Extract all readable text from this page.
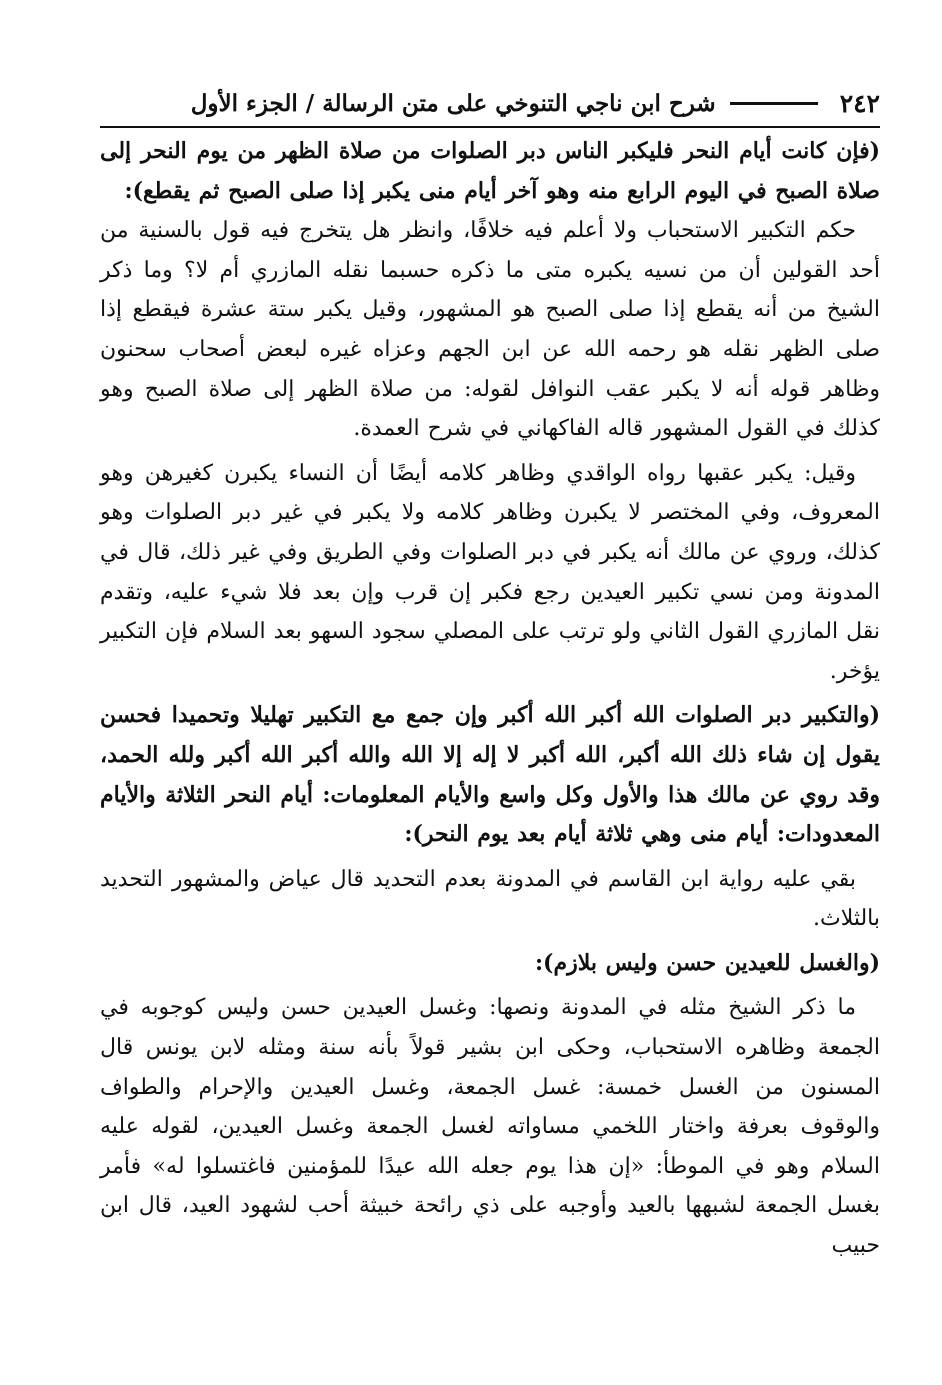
٢٤٢
شرح ابن ناجي التنوخي على متن الرسالة / الجزء الأول

(فإن كانت أيام النحر فليكبر الناس دبر الصلوات من صلاة الظهر من يوم النحر إلى صلاة الصبح في اليوم الرابع منه وهو آخر أيام منى يكبر إذا صلى الصبح ثم يقطع):

حكم التكبير الاستحباب ولا أعلم فيه خلافًا، وانظر هل يتخرج فيه قول بالسنية من أحد القولين أن من نسيه يكبره متى ما ذكره حسبما نقله المازري أم لا؟ وما ذكر الشيخ من أنه يقطع إذا صلى الصبح هو المشهور، وقيل يكبر ستة عشرة فيقطع إذا صلى الظهر نقله هو رحمه الله عن ابن الجهم وعزاه غيره لبعض أصحاب سحنون وظاهر قوله أنه لا يكبر عقب النوافل لقوله: من صلاة الظهر إلى صلاة الصبح وهو كذلك في القول المشهور قاله الفاكهاني في شرح العمدة.

وقيل: يكبر عقبها رواه الواقدي وظاهر كلامه أيضًا أن النساء يكبرن كغيرهن وهو المعروف، وفي المختصر لا يكبرن وظاهر كلامه ولا يكبر في غير دبر الصلوات وهو كذلك، وروي عن مالك أنه يكبر في دبر الصلوات وفي الطريق وفي غير ذلك، قال في المدونة ومن نسي تكبير العيدين رجع فكبر إن قرب وإن بعد فلا شيء عليه، وتقدم نقل المازري القول الثاني ولو ترتب على المصلي سجود السهو بعد السلام فإن التكبير يؤخر.

(والتكبير دبر الصلوات الله أكبر الله أكبر وإن جمع مع التكبير تهليلا وتحميدا فحسن يقول إن شاء ذلك الله أكبر، الله أكبر لا إله إلا الله والله أكبر الله أكبر ولله الحمد، وقد روي عن مالك هذا والأول وكل واسع والأيام المعلومات: أيام النحر الثلاثة والأيام المعدودات: أيام منى وهي ثلاثة أيام بعد يوم النحر):

بقي عليه رواية ابن القاسم في المدونة بعدم التحديد قال عياض والمشهور التحديد بالثلاث.

(والغسل للعيدين حسن وليس بلازم):

ما ذكر الشيخ مثله في المدونة ونصها: وغسل العيدين حسن وليس كوجوبه في الجمعة وظاهره الاستحباب، وحكى ابن بشير قولاً بأنه سنة ومثله لابن يونس قال المسنون من الغسل خمسة: غسل الجمعة، وغسل العيدين والإحرام والطواف والوقوف بعرفة واختار اللخمي مساواته لغسل الجمعة وغسل العيدين، لقوله عليه السلام وهو في الموطأ: «إن هذا يوم جعله الله عيدًا للمؤمنين فاغتسلوا له» فأمر بغسل الجمعة لشبهها بالعيد وأوجبه على ذي رائحة خبيثة أحب لشهود العيد، قال ابن حبيب
